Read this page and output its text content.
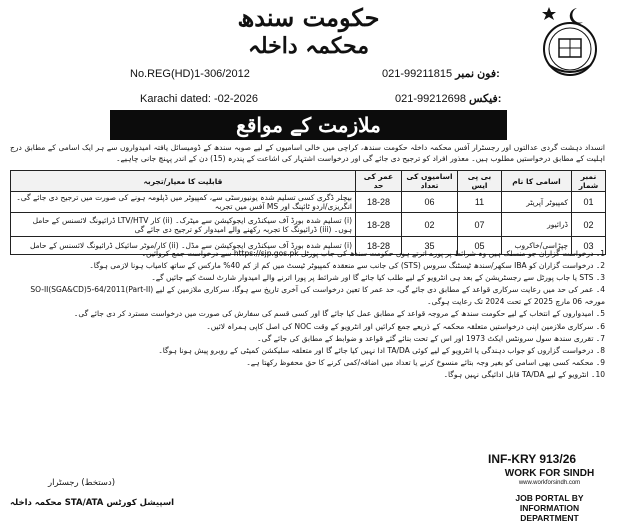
حکومت سندھ
محکمہ داخلہ
No.REG(HD)1-306/2012
Karachi dated: -02-2026
021-99211815 فون نمبر:
021-99212698 فیکس:
ملازمت کے مواقع
انسداد دہشت گردی عدالتوں اور رجسٹرار آفس محکمہ داخلہ حکومت سندھ، کراچی میں خالی اسامیوں کے لیے صوبہ سندھ کے ڈومیسائل یافتہ امیدواروں سے ہر ایک اسامی کے مطابق درج اہلیت کے مطابق درخواستیں مطلوب ہیں۔ معذور افراد کو ترجیح دی جائے گی اور درخواست اشتہار کی اشاعت کے پندرہ (15) دن کے اندر پہنچ جانی چاہیے۔
نمبر شمار	اسامی کا نام	بی پی ایس	اسامیوں کی تعداد	عمر کی حد	قابلیت کا معیار/تجربہ
01	کمپیوٹر آپریٹر	11	06	18-28	بیچلر ڈگری کسی تسلیم شدہ یونیورسٹی سے، کمپیوٹر میں ڈپلومہ ہونے کی صورت میں ترجیح دی جائے گی۔ انگریزی/اردو ٹائپنگ اور MS آفس میں تجربہ
02	ڈرائیور	07	02	18-28	(i) تسلیم شدہ بورڈ آف سیکنڈری ایجوکیشن سے میٹرک۔ (ii) کار LTV/HTV ڈرائیونگ لائسنس کے حامل ہوں۔ (iii) ڈرائیونگ کا تجربہ رکھنے والے امیدوار کو ترجیح دی جائے گی
03	چپڑاسی/خاکروب	05	35	18-28	(i) تسلیم شدہ بورڈ آف سیکنڈری ایجوکیشن سے مڈل۔ (ii) کار/موٹر سائیکل ڈرائیونگ لائسنس کے حامل

1۔ درخواست گزاران جو منسلک ہیں وہ شرائط پر پورے اترتے ہوں حکومت سندھ کی جاب پورٹل https://sjp.gos.pk سے درخواست جمع کروائیں۔

2۔ درخواست گزاران کو IBA سکھر/سندھ ٹیسٹنگ سروس (STS) کی جانب سے منعقدہ کمپیوٹر ٹیسٹ میں کم از کم 40% مارکس کے ساتھ کامیاب ہونا لازمی ہوگا۔

3۔ STS یا جاب پورٹل سے رجسٹریشن کے بعد ہی انٹرویو کے لیے طلب کیا جائے گا اور شرائط پر پورا اترنے والے امیدوار شارٹ لسٹ کیے جائیں گے۔

4۔ عمر کی حد میں رعایت سرکاری قواعد کے مطابق دی جائے گی، حد عمر کا تعین درخواست کی آخری تاریخ سے ہوگا، سرکاری ملازمین کے لیے SO-II(SGA&CD)5-64/2011(Part-II) مورخہ 06 مارچ 2025 کے تحت 2024 تک رعایت ہوگی۔

5۔ امیدواروں کے انتخاب کے لیے حکومت سندھ کے مروجہ قواعد کے مطابق عمل کیا جائے گا اور کسی قسم کی سفارش کی صورت میں درخواست مسترد کر دی جائے گی۔

6۔ سرکاری ملازمین اپنی درخواستیں متعلقہ محکمہ کے ذریعے جمع کرائیں اور انٹرویو کے وقت NOC کی اصل کاپی ہمراہ لائیں۔

7۔ تقرری سندھ سول سرونٹس ایکٹ 1973 اور اس کے تحت بنائے گئے قواعد و ضوابط کے مطابق کی جائے گی۔

8۔ درخواست گزاروں کو جواب دہندگی یا انٹرویو کے لیے کوئی TA/DA ادا نہیں کیا جائے گا اور متعلقہ سلیکشن کمیٹی کے روبرو پیش ہونا ہوگا۔

9۔ محکمہ کسی بھی اسامی کو بغیر وجہ بتائے منسوخ کرنے یا تعداد میں اضافہ/کمی کرنے کا حق محفوظ رکھتا ہے۔

10۔ انٹرویو کے لیے TA/DA قابل ادائیگی نہیں ہوگا۔

(دستخط) رجسٹرار
اسپیشل کورٹس STA/ATA محکمہ داخلہ
INF-KRY 913/26
WORK FOR SINDH
www.workforsindh.com
JOB PORTAL BY
INFORMATION DEPARTMENT
